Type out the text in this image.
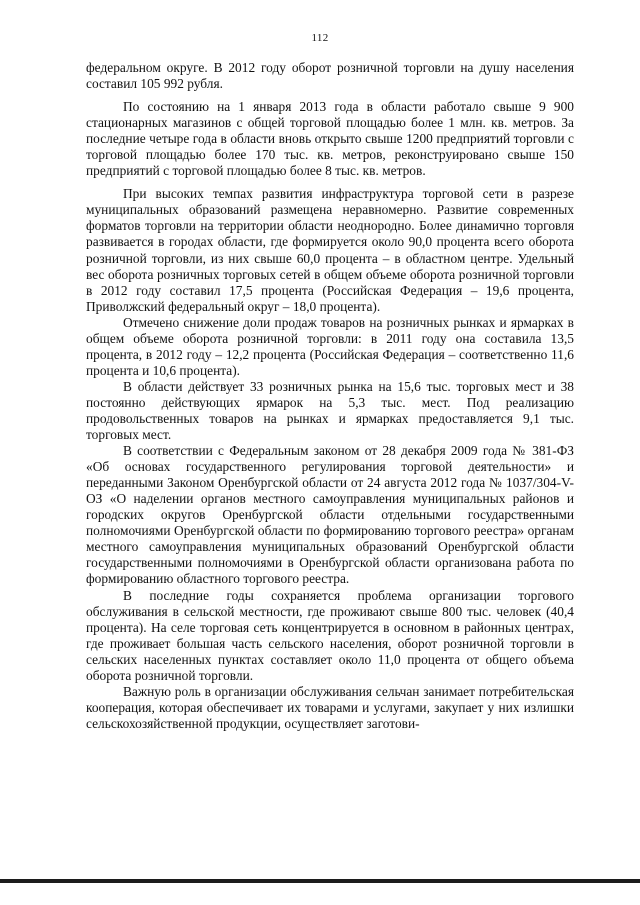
112

федеральном округе. В 2012 году оборот розничной торговли на душу населения составил 105 992 рубля.

По состоянию на 1 января 2013 года в области работало свыше 9 900 стационарных магазинов с общей торговой площадью более 1 млн. кв. метров. За последние четыре года в области вновь открыто свыше 1200 предприятий торговли с торговой площадью более 170 тыс. кв. метров, реконструировано свыше 150 предприятий с торговой площадью более 8 тыс. кв. метров.

При высоких темпах развития инфраструктура торговой сети в разрезе муниципальных образований размещена неравномерно. Развитие современных форматов торговли на территории области неоднородно. Более динамично торговля развивается в городах области, где формируется около 90,0 процента всего оборота розничной торговли, из них свыше 60,0 процента – в областном центре. Удельный вес оборота розничных торговых сетей в общем объеме оборота розничной торговли в 2012 году составил 17,5 процента (Российская Федерация – 19,6 процента, Приволжский федеральный округ – 18,0 процента).

Отмечено снижение доли продаж товаров на розничных рынках и ярмарках в общем объеме оборота розничной торговли: в 2011 году она составила 13,5 процента, в 2012 году – 12,2 процента (Российская Федерация – соответственно 11,6 процента и 10,6 процента).

В области действует 33 розничных рынка на 15,6 тыс. торговых мест и 38 постоянно действующих ярмарок на 5,3 тыс. мест. Под реализацию продовольственных товаров на рынках и ярмарках предоставляется 9,1 тыс. торговых мест.

В соответствии с Федеральным законом от 28 декабря 2009 года № 381-ФЗ «Об основах государственного регулирования торговой деятельности» и переданными Законом Оренбургской области от 24 августа 2012 года № 1037/304-V-ОЗ «О наделении органов местного самоуправления муниципальных районов и городских округов Оренбургской области отдельными государственными полномочиями Оренбургской области по формированию торгового реестра» органам местного самоуправления муниципальных образований Оренбургской области государственными полномочиями в Оренбургской области организована работа по формированию областного торгового реестра.

В последние годы сохраняется проблема организации торгового обслуживания в сельской местности, где проживают свыше 800 тыс. человек (40,4 процента). На селе торговая сеть концентрируется в основном в районных центрах, где проживает большая часть сельского населения, оборот розничной торговли в сельских населенных пунктах составляет около 11,0 процента от общего объема оборота розничной торговли.

Важную роль в организации обслуживания сельчан занимает потребительская кооперация, которая обеспечивает их товарами и услугами, закупает у них излишки сельскохозяйственной продукции, осуществляет заготови-
